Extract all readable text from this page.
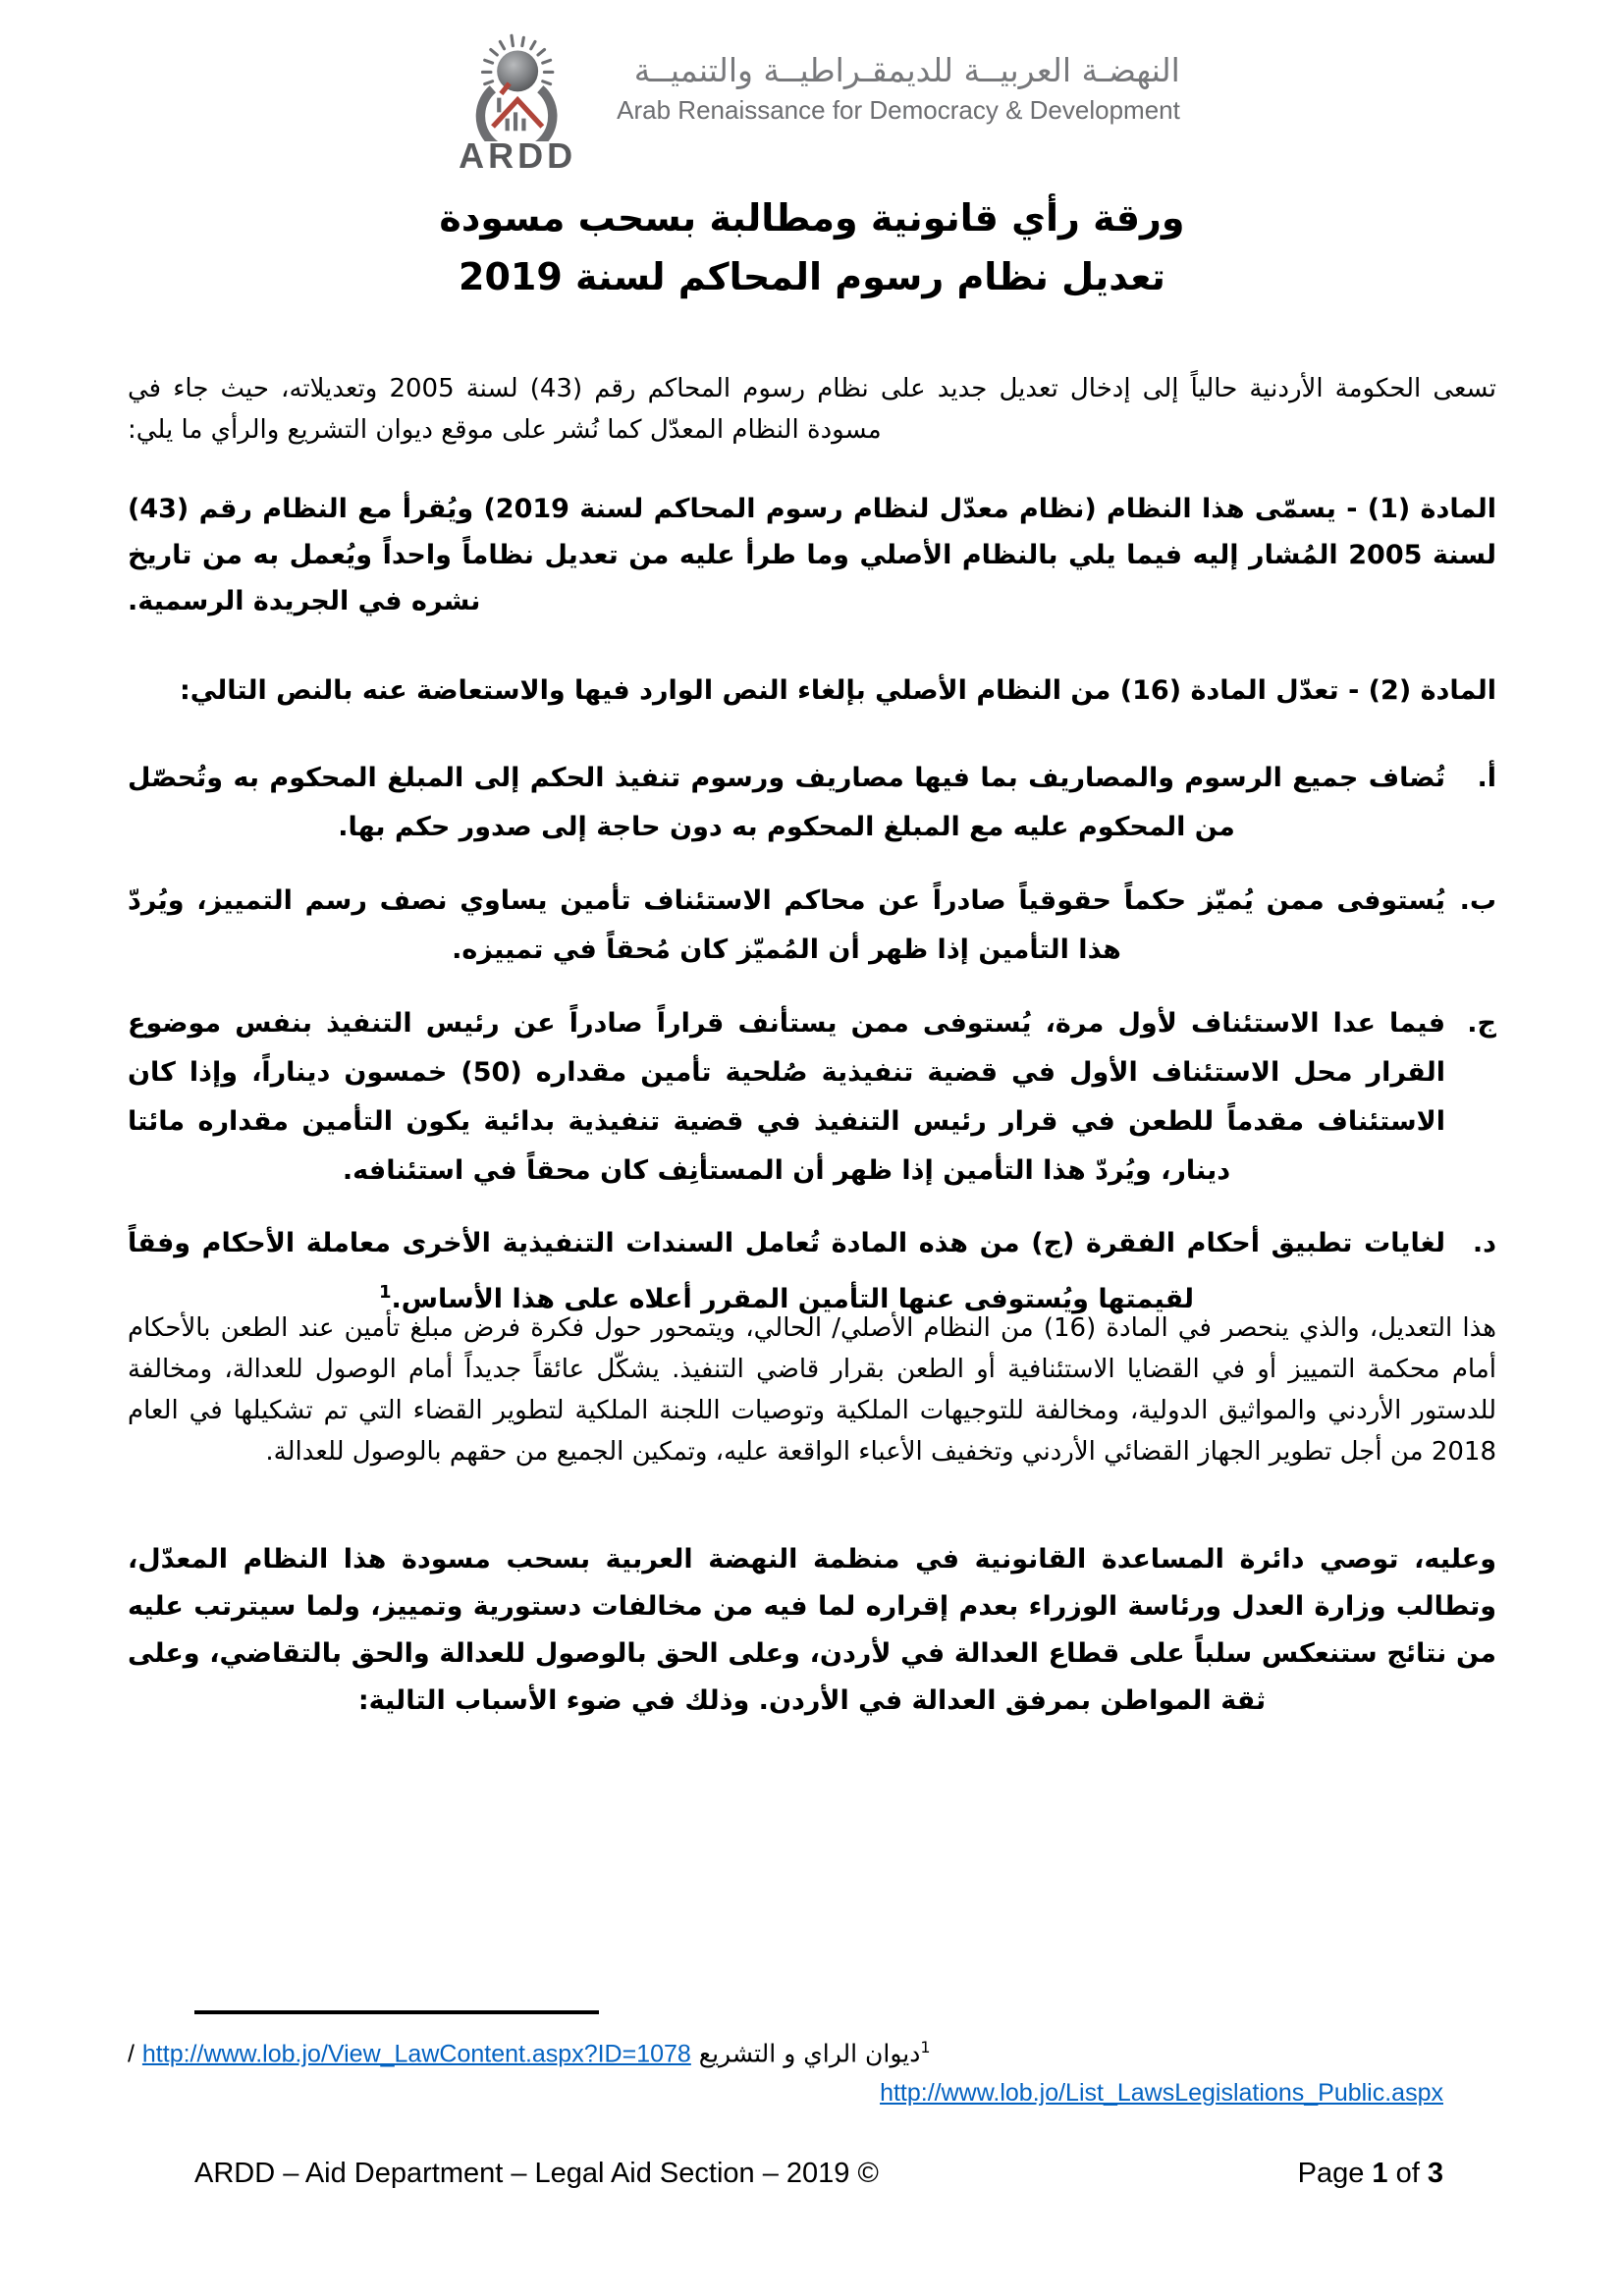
ARDD
النهضـة العربيــة للديمقـراطيــة والتنميــة
Arab Renaissance for Democracy & Development
ورقة رأي قانونية ومطالبة بسحب مسودة
تعديل نظام رسوم المحاكم لسنة 2019
تسعى الحكومة الأردنية حالياً إلى إدخال تعديل جديد على نظام رسوم المحاكم رقم (43) لسنة 2005 وتعديلاته، حيث جاء في مسودة النظام المعدّل كما نُشر على موقع ديوان التشريع والرأي ما يلي:
المادة (1) - يسمّى هذا النظام (نظام معدّل لنظام رسوم المحاكم لسنة 2019) ويُقرأ مع النظام رقم (43) لسنة 2005 المُشار إليه فيما يلي بالنظام الأصلي وما طرأ عليه من تعديل نظاماً واحداً ويُعمل به من تاريخ نشره في الجريدة الرسمية.
المادة (2) - تعدّل المادة (16) من النظام الأصلي بإلغاء النص الوارد فيها والاستعاضة عنه بالنص التالي:
أ.
تُضاف جميع الرسوم والمصاريف بما فيها مصاريف ورسوم تنفيذ الحكم إلى المبلغ المحكوم به وتُحصّل من المحكوم عليه مع المبلغ المحكوم به دون حاجة إلى صدور حكم بها.
ب.
يُستوفى ممن يُميّز حكماً حقوقياً صادراً عن محاكم الاستئناف تأمين يساوي نصف رسم التمييز، ويُردّ هذا التأمين إذا ظهر أن المُميّز كان مُحقاً في تمييزه.
ج.
فيما عدا الاستئناف لأول مرة، يُستوفى ممن يستأنف قراراً صادراً عن رئيس التنفيذ بنفس موضوع القرار محل الاستئناف الأول في قضية تنفيذية صُلحية تأمين مقداره (50) خمسون ديناراً، وإذا كان الاستئناف مقدماً للطعن في قرار رئيس التنفيذ في قضية تنفيذية بدائية يكون التأمين مقداره مائتا دينار، ويُردّ هذا التأمين إذا ظهر أن المستأنِف كان محقاً في استئنافه.
د.
لغايات تطبيق أحكام الفقرة (ج) من هذه المادة تُعامل السندات التنفيذية الأخرى معاملة الأحكام وفقاً لقيمتها ويُستوفى عنها التأمين المقرر أعلاه على هذا الأساس.$^1$
هذا التعديل، والذي ينحصر في المادة (16) من النظام الأصلي/ الحالي، ويتمحور حول فكرة فرض مبلغ تأمين عند الطعن بالأحكام أمام محكمة التمييز أو في القضايا الاستئنافية أو الطعن بقرار قاضي التنفيذ. يشكّل عائقاً جديداً أمام الوصول للعدالة، ومخالفة للدستور الأردني والمواثيق الدولية، ومخالفة للتوجيهات الملكية وتوصيات اللجنة الملكية لتطوير القضاء التي تم تشكيلها في العام 2018 من أجل تطوير الجهاز القضائي الأردني وتخفيف الأعباء الواقعة عليه، وتمكين الجميع من حقهم بالوصول للعدالة.
وعليه، توصي دائرة المساعدة القانونية في منظمة النهضة العربية بسحب مسودة هذا النظام المعدّل، وتطالب وزارة العدل ورئاسة الوزراء بعدم إقراره لما فيه من مخالفات دستورية وتمييز، ولما سيترتب عليه من نتائج ستنعكس سلباً على قطاع العدالة في لأردن، وعلى الحق بالوصول للعدالة والحق بالتقاضي، وعلى ثقة المواطن بمرفق العدالة في الأردن. وذلك في ضوء الأسباب التالية:
$^1$ديوان الراي و التشريع http://www.lob.jo/View_LawContent.aspx?ID=1078 /
http://www.lob.jo/List_LawsLegislations_Public.aspx
ARDD – Aid Department – Legal Aid Section – 2019 ©	Page 1 of 3
